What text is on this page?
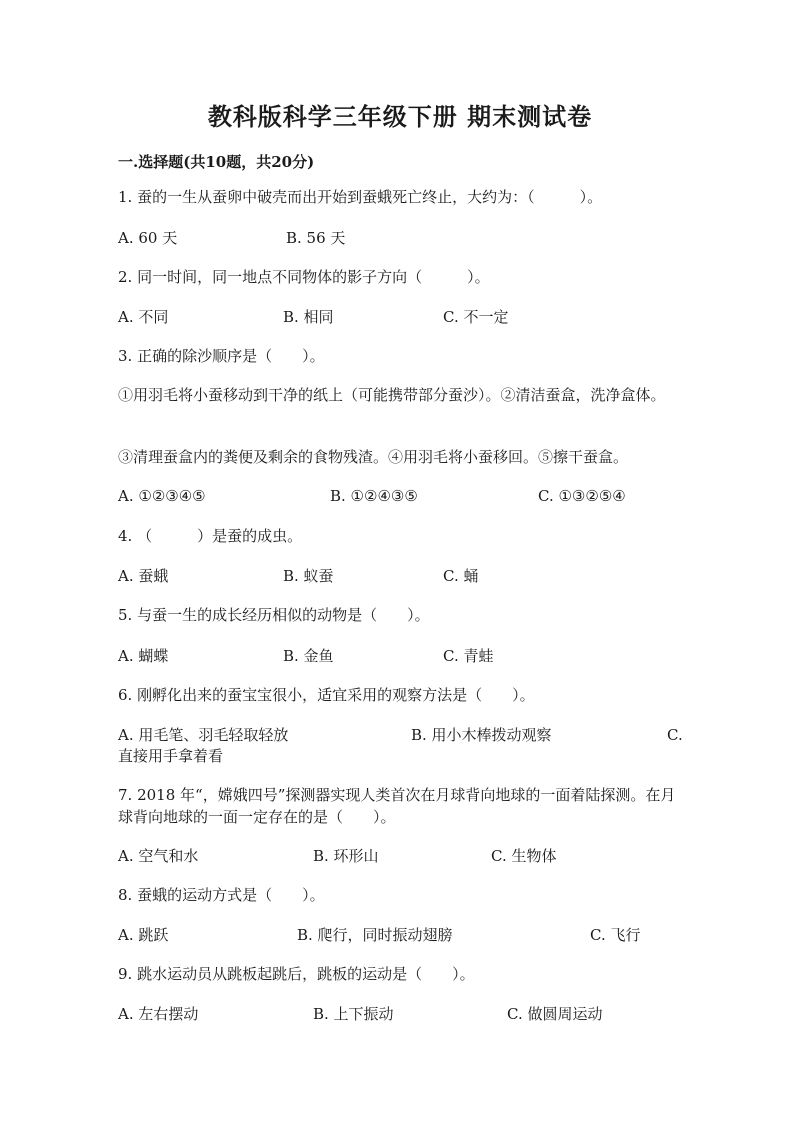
教科版科学三年级下册 期末测试卷
一.选择题(共10题，共20分)
1. 蚕的一生从蚕卵中破壳而出开始到蚕蛾死亡终止，大约为：（　　　）。
A. 60 天	B. 56 天
2. 同一时间，同一地点不同物体的影子方向（　　　）。
A. 不同	B. 相同	C. 不一定
3. 正确的除沙顺序是（　　）。
①用羽毛将小蚕移动到干净的纸上（可能携带部分蚕沙）。②清洁蚕盒，洗净盒体。
③清理蚕盒内的粪便及剩余的食物残渣。④用羽毛将小蚕移回。⑤擦干蚕盒。
A. ①②③④⑤	B. ①②④③⑤	C. ①③②⑤④
4. （　　　）是蚕的成虫。
A. 蚕蛾	B. 蚁蚕	C. 蛹
5. 与蚕一生的成长经历相似的动物是（　　）。
A. 蝴蝶	B. 金鱼	C. 青蛙
6. 刚孵化出来的蚕宝宝很小，适宜采用的观察方法是（　　）。
A. 用毛笔、羽毛轻取轻放	B. 用小木棒拨动观察	C.
直接用手拿着看
7. 2018 年“，嫦娥四号”探测器实现人类首次在月球背向地球的一面着陆探测。在月球背向地球的一面一定存在的是（　　）。
A. 空气和水	B. 环形山	C. 生物体
8. 蚕蛾的运动方式是（　　）。
A. 跳跃	B. 爬行，同时振动翅膀	C. 飞行
9. 跳水运动员从跳板起跳后，跳板的运动是（　　）。
A. 左右摆动	B. 上下振动	C. 做圆周运动
